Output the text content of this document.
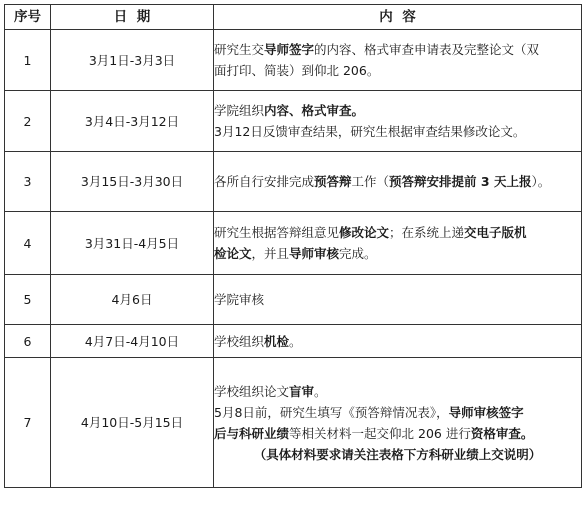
序号	日  期	内  容
1	3月1日-3月3日	研究生交导师签字的内容、格式审查申请表及完整论文（双
面打印、简装）到仰北 206。

2	3月4日-3月12日	学院组织内容、格式审查。
3月12日反馈审查结果，研究生根据审查结果修改论文。

3	3月15日-3月30日	各所自行安排完成预答辩工作（预答辩安排提前 3 天上报）。

4	3月31日-4月5日	研究生根据答辩组意见修改论文；在系统上递交电子版机
检论文，并且导师审核完成。

5	4月6日	学院审核

6	4月7日-4月10日	学校组织机检。

7	4月10日-5月15日	学校组织论文盲审。
5月8日前，研究生填写《预答辩情况表》，导师审核签字
后与科研业绩等相关材料一起交仰北 206 进行资格审查。
（具体材料要求请关注表格下方科研业绩上交说明）
